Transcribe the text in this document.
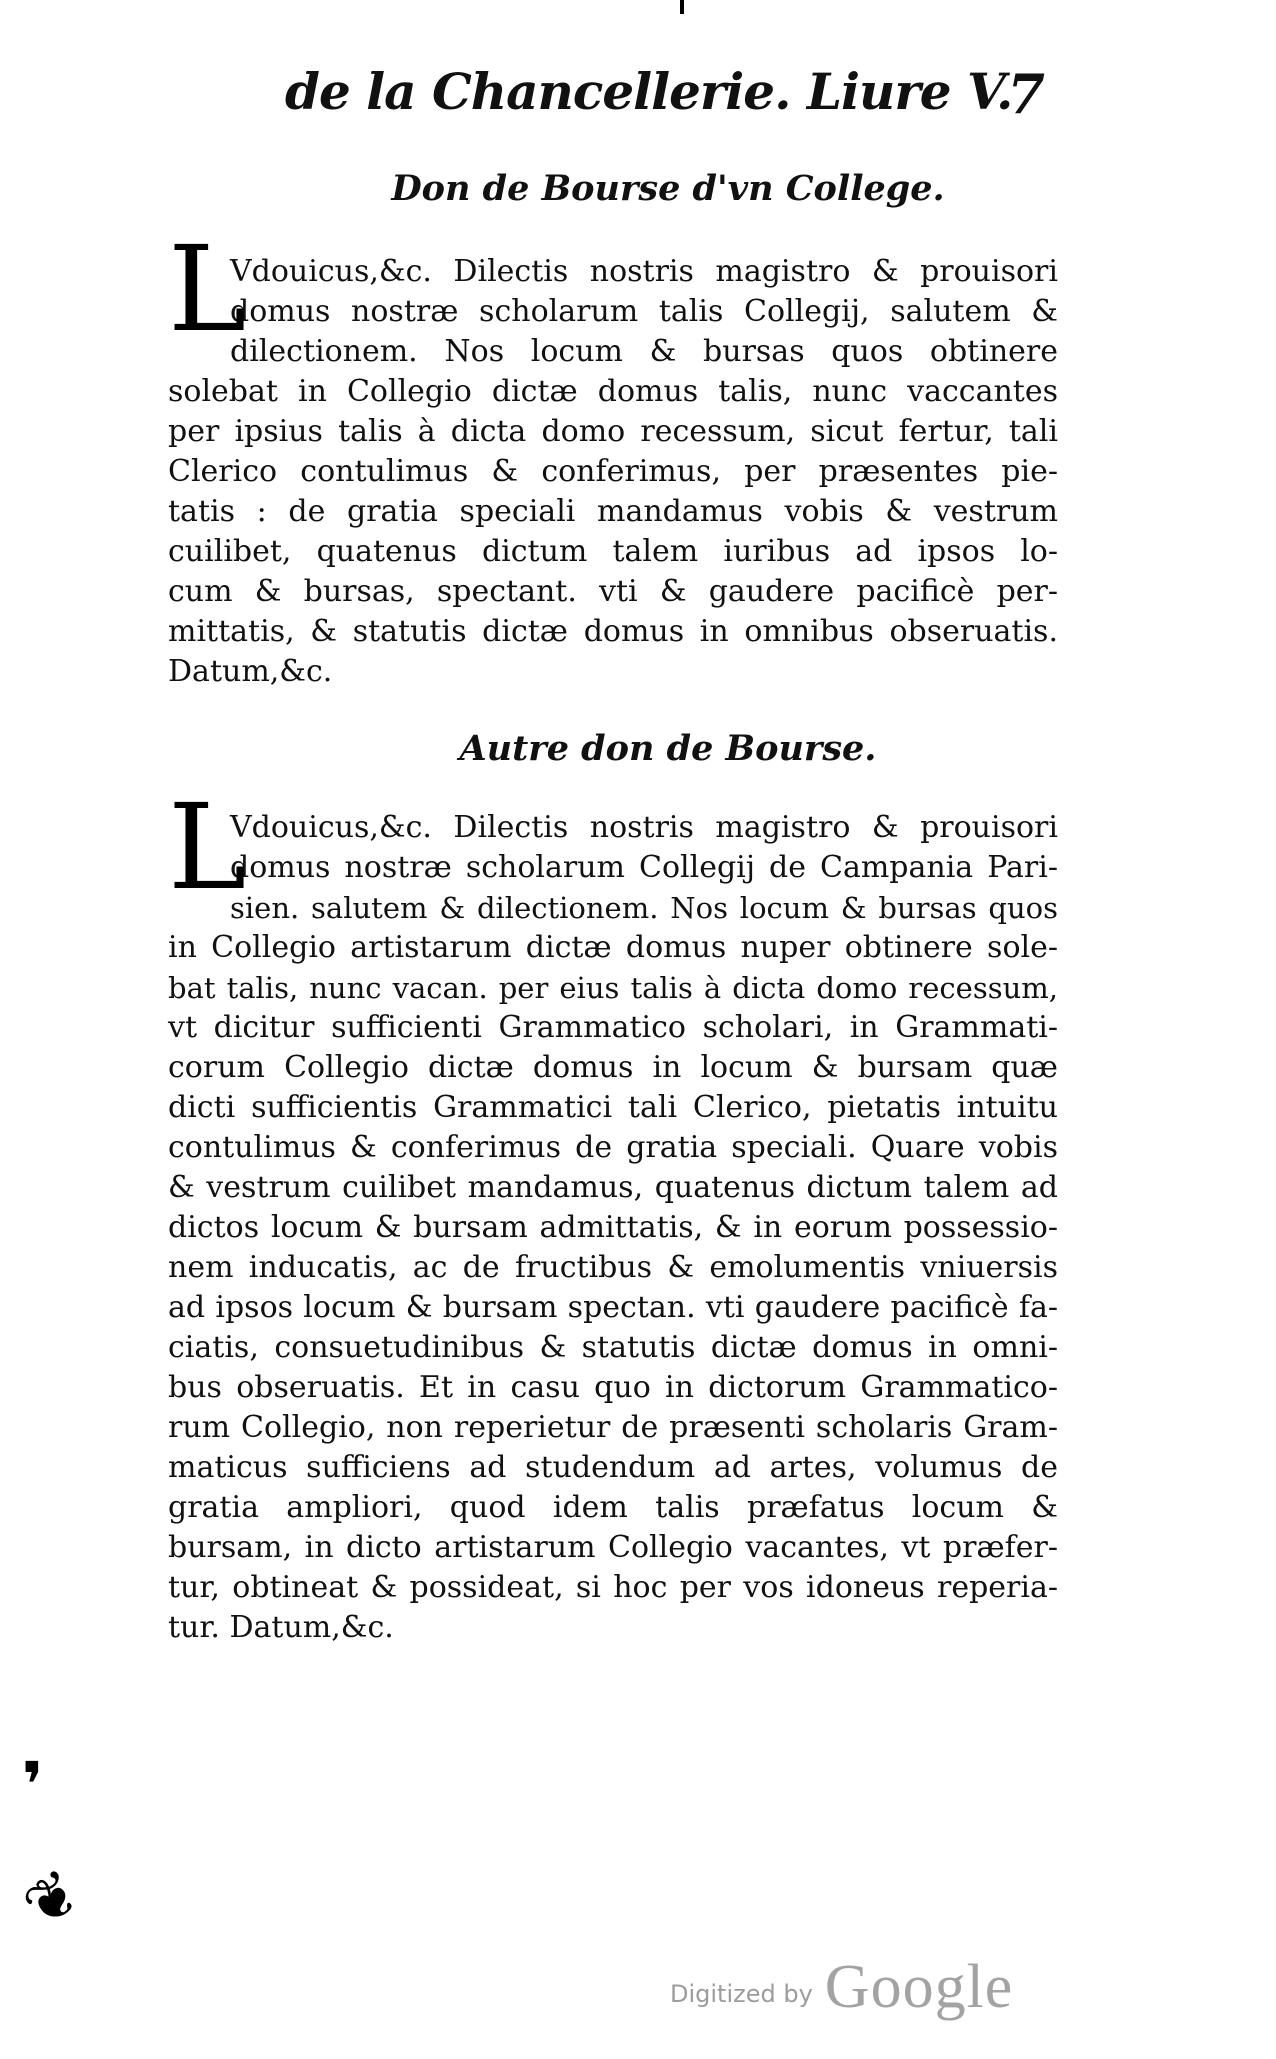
de la Chancellerie. Liure V.
7
Don de Bourse d'vn College.
L
Vdouicus,&c. Dilectis nostris magistro & prouisori
domus nostræ scholarum talis Collegij, salutem &
dilectionem. Nos locum & bursas quos obtinere
solebat in Collegio dictæ domus talis, nunc vaccantes
per ipsius talis à dicta domo recessum, sicut fertur, tali
Clerico contulimus & conferimus, per præsentes pie-
tatis : de gratia speciali mandamus vobis & vestrum
cuilibet, quatenus dictum talem iuribus ad ipsos lo-
cum & bursas, spectant. vti & gaudere pacificè per-
mittatis, & statutis dictæ domus in omnibus obseruatis.
Datum,&c.
Autre don de Bourse.
L
Vdouicus,&c. Dilectis nostris magistro & prouisori
domus nostræ scholarum Collegij de Campania Pari-
sien. salutem & dilectionem. Nos locum & bursas quos
in Collegio artistarum dictæ domus nuper obtinere sole-
bat talis, nunc vacan. per eius talis à dicta domo recessum,
vt dicitur sufficienti Grammatico scholari, in Grammati-
corum Collegio dictæ domus in locum & bursam quæ
dicti sufficientis Grammatici tali Clerico, pietatis intuitu
contulimus & conferimus de gratia speciali. Quare vobis
& vestrum cuilibet mandamus, quatenus dictum talem ad
dictos locum & bursam admittatis, & in eorum possessio-
nem inducatis, ac de fructibus & emolumentis vniuersis
ad ipsos locum & bursam spectan. vti gaudere pacificè fa-
ciatis, consuetudinibus & statutis dictæ domus in omni-
bus obseruatis. Et in casu quo in dictorum Grammatico-
rum Collegio, non reperietur de præsenti scholaris Gram-
maticus sufficiens ad studendum ad artes, volumus de
gratia ampliori, quod idem talis præfatus locum &
bursam, in dicto artistarum Collegio vacantes, vt præfer-
tur, obtineat & possideat, si hoc per vos idoneus reperia-
tur. Datum,&c.
❜
❦
Digitized by Google
